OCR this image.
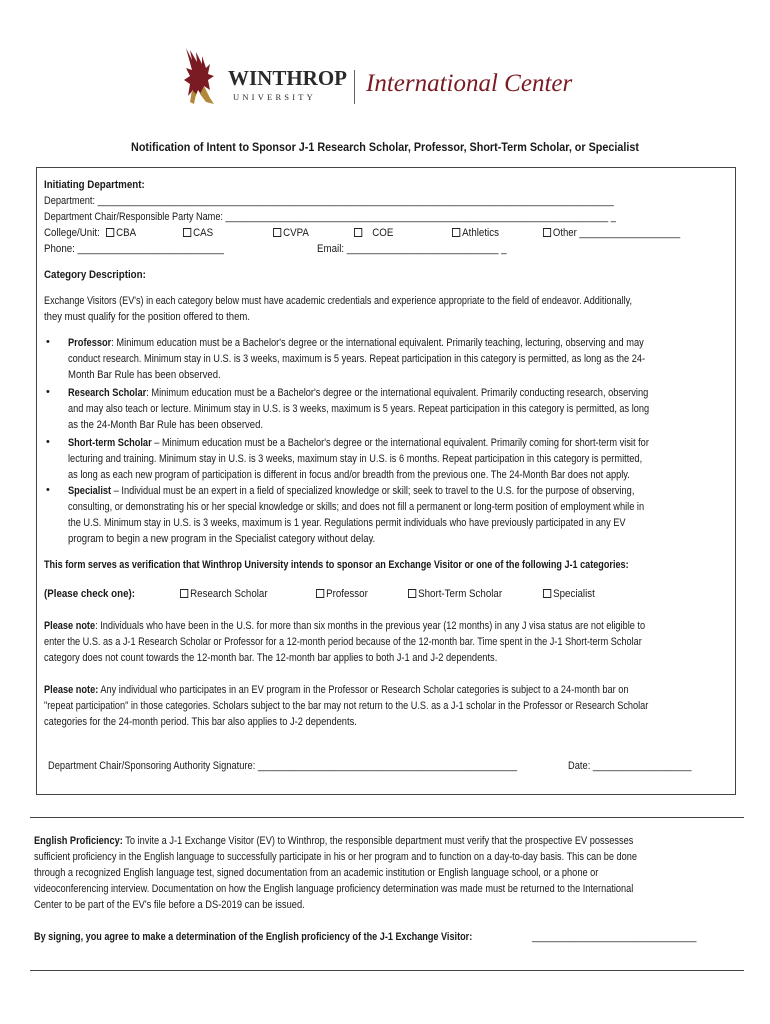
WINTHROP
UNIVERSITY International Center
Notification of Intent to Sponsor J-1 Research Scholar, Professor, Short-Term Scholar, or Specialist
Initiating Department:
Department: ____________________________________________________________________________________________________
Department Chair/Responsible Party Name: ___________________________________________________________________________ _
College/Unit:	CBA	CAS	CVPA	COE	Athletics	Other ___________________
Phone: ___________________________	Email: ____________________________ _
Category Description:
Exchange Visitors (EV's) in each category below must have academic credentials and experience appropriate to the field of endeavor. Additionally,
they must qualify for the position offered to them.
• Professor: Minimum education must be a Bachelor's degree or the international equivalent. Primarily teaching, lecturing, observing and may
conduct research. Minimum stay in U.S. is 3 weeks, maximum is 5 years. Repeat participation in this category is permitted, as long as the 24-
Month Bar Rule has been observed.
• Research Scholar: Minimum education must be a Bachelor's degree or the international equivalent. Primarily conducting research, observing
and may also teach or lecture. Minimum stay in U.S. is 3 weeks, maximum is 5 years. Repeat participation in this category is permitted, as long
as the 24-Month Bar Rule has been observed.
• Short-term Scholar – Minimum education must be a Bachelor's degree or the international equivalent. Primarily coming for short-term visit for
lecturing and training. Minimum stay in U.S. is 3 weeks, maximum stay in U.S. is 6 months. Repeat participation in this category is permitted,
as long as each new program of participation is different in focus and/or breadth from the previous one. The 24-Month Bar does not apply.
• Specialist – Individual must be an expert in a field of specialized knowledge or skill; seek to travel to the U.S. for the purpose of observing,
consulting, or demonstrating his or her special knowledge or skills; and does not fill a permanent or long-term position of employment while in
the U.S. Minimum stay in U.S. is 3 weeks, maximum is 1 year. Regulations permit individuals who have previously participated in any EV
program to begin a new program in the Specialist category without delay.
This form serves as verification that Winthrop University intends to sponsor an Exchange Visitor or one of the following J-1 categories:
(Please check one):	Research Scholar	Professor	Short-Term Scholar	Specialist
Please note: Individuals who have been in the U.S. for more than six months in the previous year (12 months) in any J visa status are not eligible to
enter the U.S. as a J-1 Research Scholar or Professor for a 12-month period because of the 12-month bar. Time spent in the J-1 Short-term Scholar
category does not count towards the 12-month bar. The 12-month bar applies to both J-1 and J-2 dependents.
Please note: Any individual who participates in an EV program in the Professor or Research Scholar categories is subject to a 24-month bar on
"repeat participation" in those categories. Scholars subject to the bar may not return to the U.S. as a J-1 scholar in the Professor or Research Scholar
categories for the 24-month period. This bar also applies to J-2 dependents.
Department Chair/Sponsoring Authority Signature: __________________________________________________	Date: ___________________
English Proficiency: To invite a J-1 Exchange Visitor (EV) to Winthrop, the responsible department must verify that the prospective EV possesses
sufficient proficiency in the English language to successfully participate in his or her program and to function on a day-to-day basis. This can be done
through a recognized English language test, signed documentation from an academic institution or English language school, or a phone or
videoconferencing interview. Documentation on how the English language proficiency determination was made must be returned to the International
Center to be part of the EV's file before a DS-2019 can be issued.
By signing, you agree to make a determination of the English proficiency of the J-1 Exchange Visitor:	_______________________________
